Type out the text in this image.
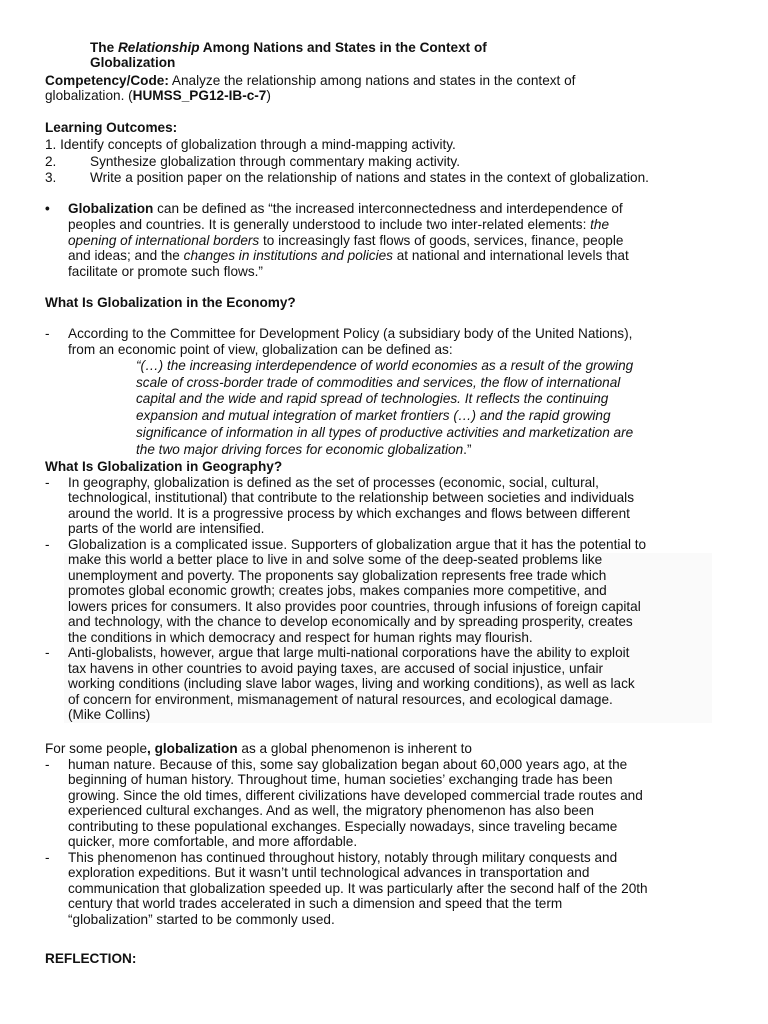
The Relationship Among Nations and States in the Context of
Globalization
Competency/Code: Analyze the relationship among nations and states in the context of
globalization. (HUMSS_PG12-IB-c-7)
Learning Outcomes:
1. Identify concepts of globalization through a mind-mapping activity.
2. Synthesize globalization through commentary making activity.
3. Write a position paper on the relationship of nations and states in the context of globalization.
• Globalization can be defined as “the increased interconnectedness and interdependence of
peoples and countries. It is generally understood to include two inter-related elements: the
opening of international borders to increasingly fast flows of goods, services, finance, people
and ideas; and the changes in institutions and policies at national and international levels that
facilitate or promote such flows.”
What Is Globalization in the Economy?
- According to the Committee for Development Policy (a subsidiary body of the United Nations),
from an economic point of view, globalization can be defined as:
“(…) the increasing interdependence of world economies as a result of the growing
scale of cross-border trade of commodities and services, the flow of international
capital and the wide and rapid spread of technologies. It reflects the continuing
expansion and mutual integration of market frontiers (…) and the rapid growing
significance of information in all types of productive activities and marketization are
the two major driving forces for economic globalization.”
What Is Globalization in Geography?
- In geography, globalization is defined as the set of processes (economic, social, cultural,
technological, institutional) that contribute to the relationship between societies and individuals
around the world. It is a progressive process by which exchanges and flows between different
parts of the world are intensified.
- Globalization is a complicated issue. Supporters of globalization argue that it has the potential to
make this world a better place to live in and solve some of the deep-seated problems like
unemployment and poverty. The proponents say globalization represents free trade which
promotes global economic growth; creates jobs, makes companies more competitive, and
lowers prices for consumers. It also provides poor countries, through infusions of foreign capital
and technology, with the chance to develop economically and by spreading prosperity, creates
the conditions in which democracy and respect for human rights may flourish.
- Anti-globalists, however, argue that large multi-national corporations have the ability to exploit
tax havens in other countries to avoid paying taxes, are accused of social injustice, unfair
working conditions (including slave labor wages, living and working conditions), as well as lack
of concern for environment, mismanagement of natural resources, and ecological damage.
(Mike Collins)
For some people, globalization as a global phenomenon is inherent to
- human nature. Because of this, some say globalization began about 60,000 years ago, at the
beginning of human history. Throughout time, human societies’ exchanging trade has been
growing. Since the old times, different civilizations have developed commercial trade routes and
experienced cultural exchanges. And as well, the migratory phenomenon has also been
contributing to these populational exchanges. Especially nowadays, since traveling became
quicker, more comfortable, and more affordable.
- This phenomenon has continued throughout history, notably through military conquests and
exploration expeditions. But it wasn’t until technological advances in transportation and
communication that globalization speeded up. It was particularly after the second half of the 20th
century that world trades accelerated in such a dimension and speed that the term
“globalization” started to be commonly used.
REFLECTION:
